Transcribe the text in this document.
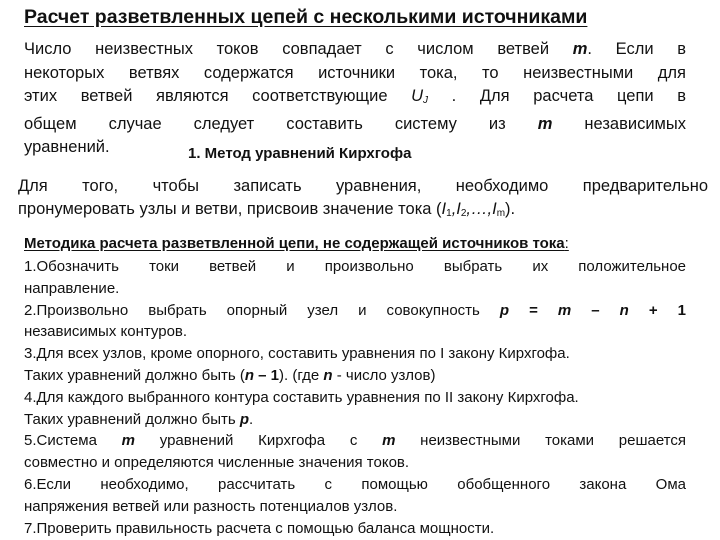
Расчет разветвленных цепей с несколькими источниками
Число неизвестных токов совпадает с числом ветвей m. Если в
некоторых ветвях содержатся источники тока, то неизвестными для
этих ветвей являются соответствующие $U_J$ . Для расчета цепи в
общем случае следует составить систему из m независимых
уравнений.	1. Метод уравнений Кирхгофа
Для того, чтобы записать уравнения, необходимо предварительно
пронумеровать узлы и ветви, присвоив значение тока $(I_1,I_2,\dots,I_m)$.
Методика расчета разветвленной цепи, не содержащей источников тока:
1.Обозначить токи ветвей и произвольно выбрать их положительное
направление.
2.Произвольно выбрать опорный узел и совокупность p = m – n + 1
независимых контуров.
3.Для всех узлов, кроме опорного, составить уравнения по I закону Кирхгофа.
Таких уравнений должно быть (n – 1). (где n - число узлов)
4.Для каждого выбранного контура составить уравнения по II закону Кирхгофа.
Таких уравнений должно быть p.
5.Система m уравнений Кирхгофа с m неизвестными токами решается
совместно и определяются численные значения токов.
6.Если необходимо, рассчитать с помощью обобщенного закона Ома
напряжения ветвей или разность потенциалов узлов.
7.Проверить правильность расчета с помощью баланса мощности.
